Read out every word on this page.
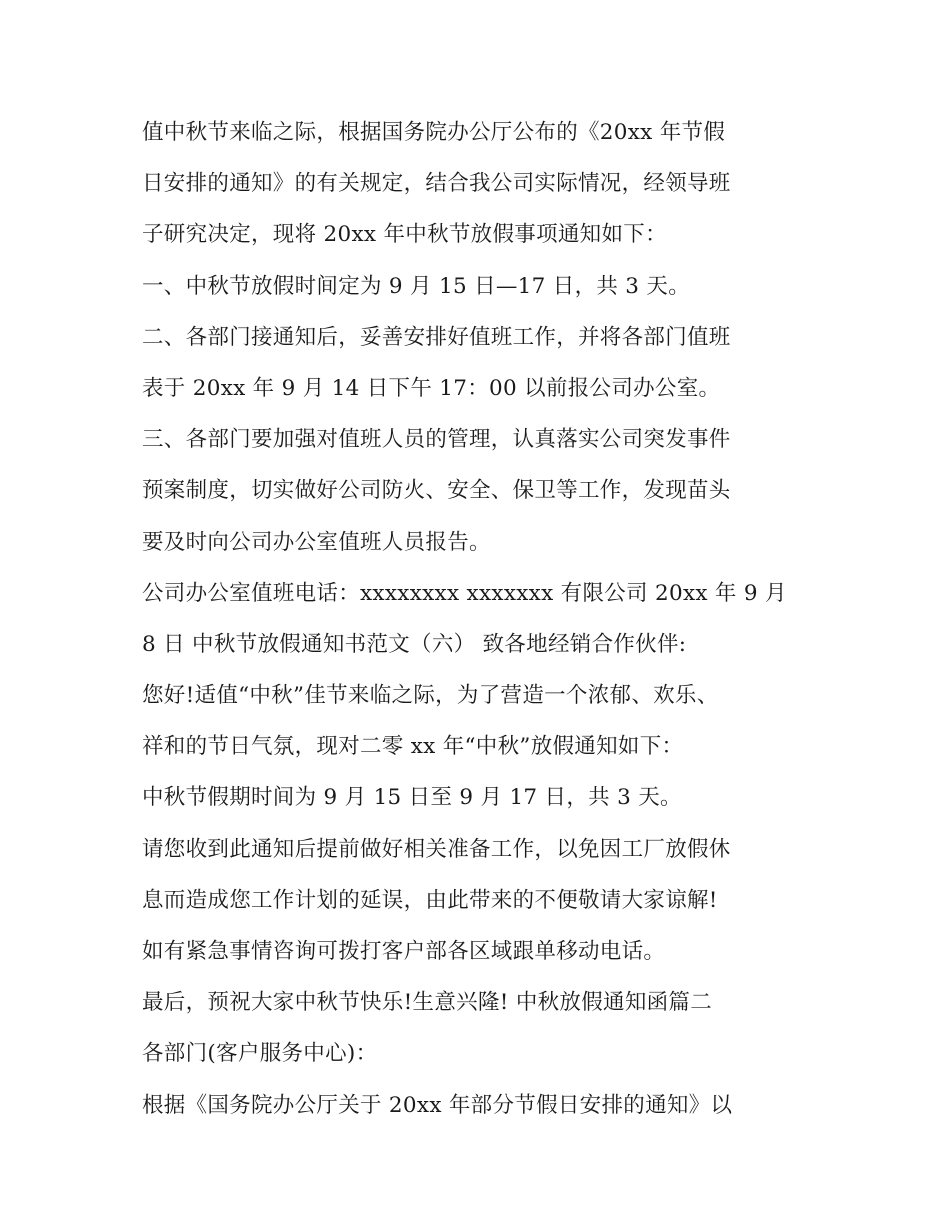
值中秋节来临之际，根据国务院办公厅公布的《20xx 年节假
日安排的通知》的有关规定，结合我公司实际情况，经领导班
子研究决定，现将 20xx 年中秋节放假事项通知如下：
一、中秋节放假时间定为 9 月 15 日—17 日，共 3 天。
二、各部门接通知后，妥善安排好值班工作，并将各部门值班
表于 20xx 年 9 月 14 日下午 17：00 以前报公司办公室。
三、各部门要加强对值班人员的管理，认真落实公司突发事件
预案制度，切实做好公司防火、安全、保卫等工作，发现苗头
要及时向公司办公室值班人员报告。
公司办公室值班电话：xxxxxxxx xxxxxxx 有限公司 20xx 年 9 月
8 日 中秋节放假通知书范文（六） 致各地经销合作伙伴:
您好!适值“中秋”佳节来临之际，为了营造一个浓郁、欢乐、
祥和的节日气氛，现对二零 xx 年“中秋”放假通知如下：
中秋节假期时间为 9 月 15 日至 9 月 17 日，共 3 天。
请您收到此通知后提前做好相关准备工作，以免因工厂放假休
息而造成您工作计划的延误，由此带来的不便敬请大家谅解!
如有紧急事情咨询可拨打客户部各区域跟单移动电话。
最后，预祝大家中秋节快乐!生意兴隆! 中秋放假通知函篇二
各部门(客户服务中心)：
根据《国务院办公厅关于 20xx 年部分节假日安排的通知》以
